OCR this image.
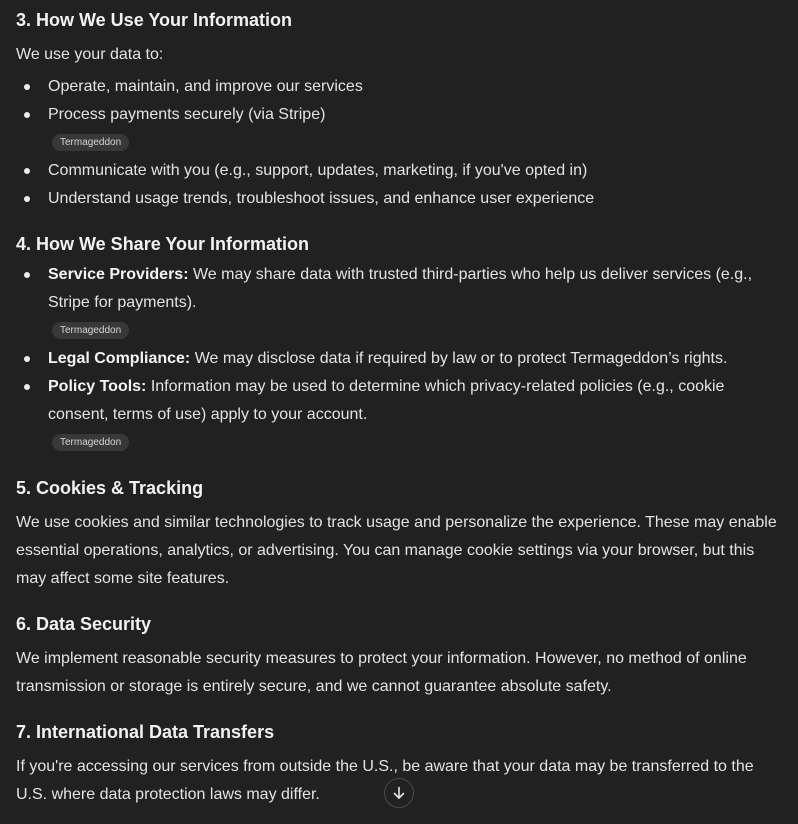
3. How We Use Your Information

We use your data to:

Operate, maintain, and improve our services
Process payments securely (via Stripe)
Termageddon
Communicate with you (e.g., support, updates, marketing, if you've opted in)
Understand usage trends, troubleshoot issues, and enhance user experience
4. How We Share Your Information
Service Providers: We may share data with trusted third-parties who help us deliver services (e.g., Stripe for payments).
Termageddon
Legal Compliance: We may disclose data if required by law or to protect Termageddon’s rights.
Policy Tools: Information may be used to determine which privacy-related policies (e.g., cookie consent, terms of use) apply to your account.
Termageddon
5. Cookies & Tracking

We use cookies and similar technologies to track usage and personalize the experience. These may enable essential operations, analytics, or advertising. You can manage cookie settings via your browser, but this may affect some site features.

6. Data Security

We implement reasonable security measures to protect your information. However, no method of online transmission or storage is entirely secure, and we cannot guarantee absolute safety.

7. International Data Transfers

If you're accessing our services from outside the U.S., be aware that your data may be transferred to the U.S. where data protection laws may differ.
